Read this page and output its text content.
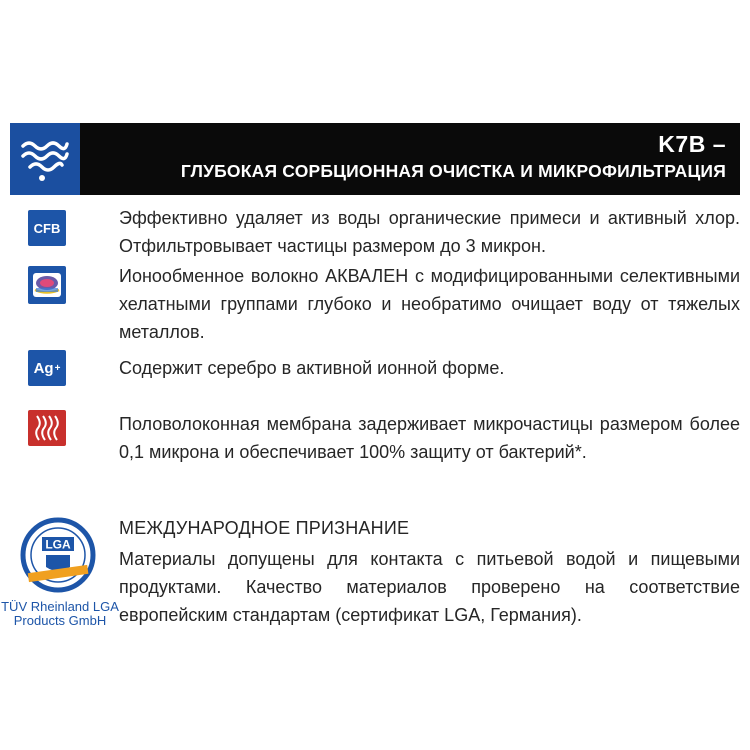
K7B –
ГЛУБОКАЯ СОРБЦИОННАЯ ОЧИСТКА И МИКРОФИЛЬТРАЦИЯ
CFB	Эффективно удаляет из воды органические примеси и активный хлор. Отфильтровывает частицы размером до 3 микрон.
Ионообменное волокно АКВАЛЕН с модифицированными селективными хелатными группами глубоко и необратимо очищает воду от тяжелых металлов.
Ag +	Содержит серебро в активной ионной форме.
Половолоконная мембрана задерживает микрочастицы размером более 0,1 микрона и обеспечивает 100% защиту от бактерий*.
LGA
TÜV Rheinland LGA
Products GmbH
МЕЖДУНАРОДНОЕ ПРИЗНАНИЕ
Материалы допущены для контакта с питьевой водой и пищевыми продуктами. Качество материалов проверено на соответствие европейским стандартам (сертификат LGA, Германия).
